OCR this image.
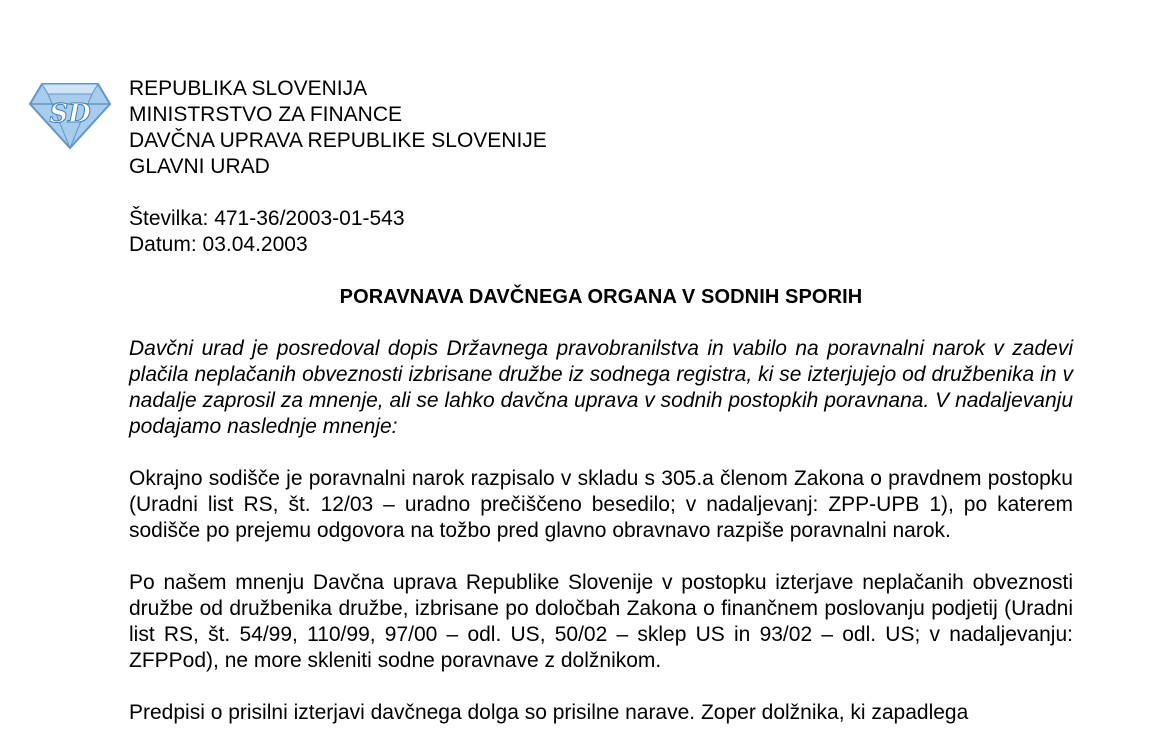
SD
REPUBLIKA SLOVENIJA
MINISTRSTVO ZA FINANCE
DAVČNA UPRAVA REPUBLIKE SLOVENIJE
GLAVNI URAD
Številka: 471-36/2003-01-543
Datum: 03.04.2003
PORAVNAVA DAVČNEGA ORGANA V SODNIH SPORIH
Davčni urad je posredoval dopis Državnega pravobranilstva in vabilo na poravnalni narok v zadevi plačila neplačanih obveznosti izbrisane družbe iz sodnega registra, ki se izterjujejo od družbenika in v nadalje zaprosil za mnenje, ali se lahko davčna uprava v sodnih postopkih poravnana. V nadaljevanju podajamo naslednje mnenje:
Okrajno sodišče je poravnalni narok razpisalo v skladu s 305.a členom Zakona o pravdnem postopku (Uradni list RS, št. 12/03 – uradno prečiščeno besedilo; v nadaljevanj: ZPP-UPB 1), po katerem sodišče po prejemu odgovora na tožbo pred glavno obravnavo razpiše poravnalni narok.
Po našem mnenju Davčna uprava Republike Slovenije v postopku izterjave neplačanih obveznosti družbe od družbenika družbe, izbrisane po določbah Zakona o finančnem poslovanju podjetij (Uradni list RS, št. 54/99, 110/99, 97/00 – odl. US, 50/02 – sklep US in 93/02 – odl. US; v nadaljevanju: ZFPPod), ne more skleniti sodne poravnave z dolžnikom.
Predpisi o prisilni izterjavi davčnega dolga so prisilne narave. Zoper dolžnika, ki zapadlega
